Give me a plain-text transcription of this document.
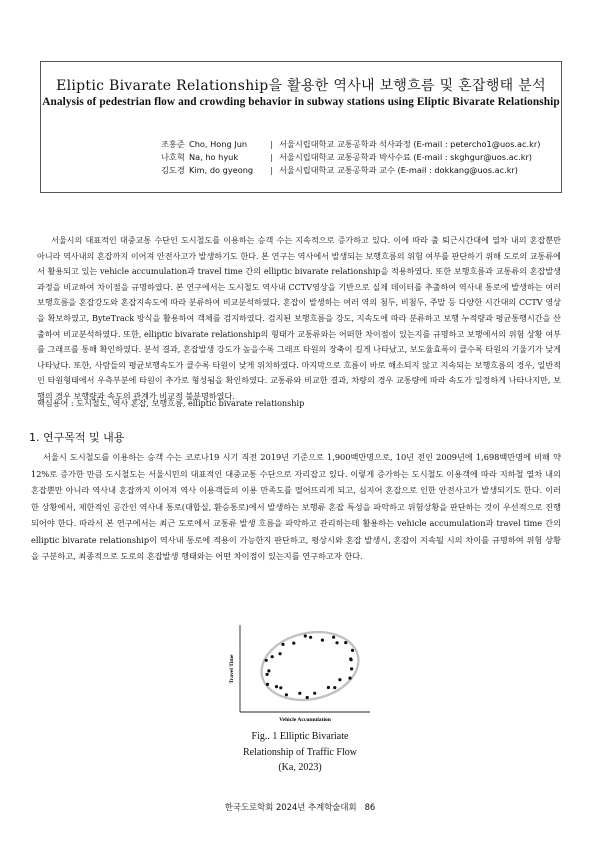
Eliptic Bivarate Relationship을 활용한 역사내 보행흐름 및 혼잡행태 분석
Analysis of pedestrian flow and crowding behavior in subway stations using Eliptic Bivarate Relationship
조홍준 Cho, Hong Jun	| 서울시립대학교 교통공학과 석사과정 (E-mail : petercho1@uos.ac.kr)
나호혁 Na, ho hyuk	| 서울시립대학교 교통공학과 박사수료 (E-mail : skghgur@uos.ac.kr)
김도경 Kim, do gyeong | 서울시립대학교 교통공학과 교수 (E-mail : dokkang@uos.ac.kr)
서울시의 대표적인 대중교통 수단인 도시철도를 이용하는 승객 수는 지속적으로 증가하고 있다. 이에 따라 출 퇴근시간대에 열차 내의 혼잡뿐만 아니라 역사내의 혼잡까지 이어져 안전사고가 발생하기도 한다. 본 연구는 역사에서 발생되는 보행흐름의 위험 여부를 판단하기 위해 도로의 교통류에서 활용되고 있는 vehicle accumulation과 travel time 간의 elliptic bivarate relationship을 적용하였다. 또한 보행흐름과 교통류의 혼잡발생 과정을 비교하여 차이점을 규명하였다. 본 연구에서는 도시철도 역사내 CCTV영상을 기반으로 실제 데이터를 추출하여 역사내 통로에 발생하는 여러 보행흐름을 혼잡강도와 혼잡지속도에 따라 분류하여 비교분석하였다. 혼잡이 발생하는 여러 역의 첨두, 비첨두, 주말 등 다양한 시간대의 CCTV 영상을 확보하였고, ByteTrack 방식을 활용하여 객체를 검지하였다. 검지된 보행흐름을 강도, 지속도에 따라 분류하고 보행 누적량과 평균통행시간을 산출하여 비교분석하였다. 또한, elliptic bivarate relationship의 형태가 교통류와는 어떠한 차이점이 있는지를 규명하고 보행에서의 위험 상황 여부를 그래프를 통해 확인하였다. 분석 결과, 혼잡발생 강도가 높을수록 그래프 타원의 장축이 길게 나타났고, 보도율효폭이 클수록 타원의 기울기가 낮게 나타났다. 또한, 사람들의 평균보행속도가 클수록 타원이 낮게 위치하였다. 마지막으로 흐름이 바로 해소되지 않고 지속되는 보행흐름의 경우, 일반적인 타원형태에서 우측부분에 타원이 추가로 형성됨을 확인하였다. 교통류와 비교한 결과, 차량의 경우 교통량에 따라 속도가 일정하게 나타나지만, 보행의 경우 보행량과 속도의 관계가 비교적 불분명하였다.
핵심용어 : 도시철도, 역사 혼잡, 보행흐름, elliptic bivarate relationship
1. 연구목적 및 내용
서울시 도시철도를 이용하는 승객 수는 코로나19 시기 직전 2019년 기준으로 1,900백만명으로, 10년 전인 2009년에 1,698백만명에 비해 약 12%로 증가한 만큼 도시철도는 서울시민의 대표적인 대중교통 수단으로 자리잡고 있다. 이렇게 증가하는 도시철도 이용객에 따라 지하철 열차 내의 혼잡뿐만 아니라 역사내 혼잡까지 이어져 역사 이용객들의 이용 만족도를 떨어뜨리게 되고, 심지어 혼잡으로 인한 안전사고가 발생되기도 한다. 이러한 상황에서, 제한적인 공간인 역사내 통로(대합실, 환승통로)에서 발생하는 보행류 혼잡 특성을 파악하고 위험상황을 판단하는 것이 우선적으로 진행되어야 한다. 따라서 본 연구에서는 최근 도로에서 교통류 발생 흐름을 파악하고 관리하는데 활용하는 vehicle accumulation과 travel time 간의 elliptic bivarate relationship이 역사내 통로에 적용이 가능한지 판단하고, 평상시와 혼잡 발생시, 혼잡이 지속될 시의 차이를 규명하여 위험 상황을 구분하고, 최종적으로 도로의 혼잡발생 행태와는 어떤 차이점이 있는지를 연구하고자 한다.
Travel Time
Vehicle Accumulation
Fig.. 1 Elliptic Bivariate
Relationship of Traffic Flow
(Ka, 2023)
한국도로학회 2024년 추계학술대회 86
